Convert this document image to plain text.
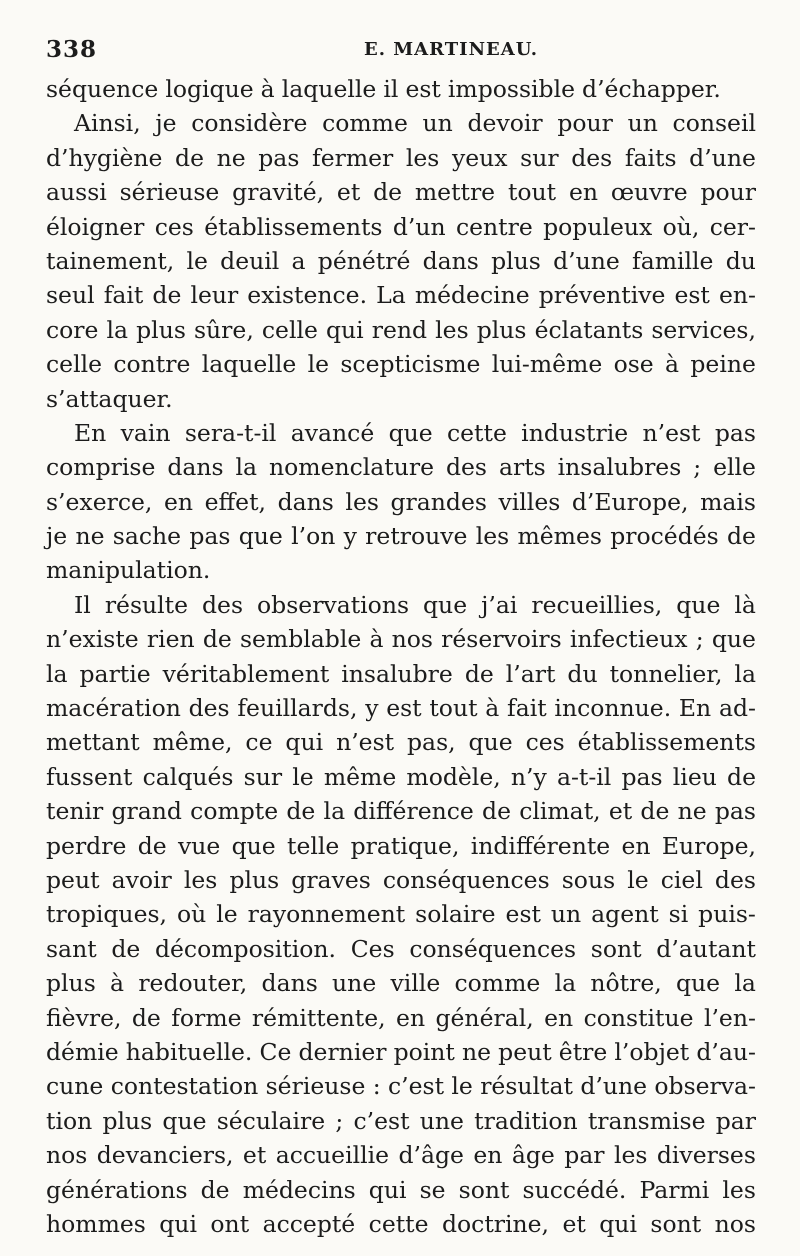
338	E. MARTINEAU.
séquence logique à laquelle il est impossible d’échapper.
Ainsi, je considère comme un devoir pour un conseil
d’hygiène de ne pas fermer les yeux sur des faits d’une
aussi sérieuse gravité, et de mettre tout en œuvre pour
éloigner ces établissements d’un centre populeux où, cer-
tainement, le deuil a pénétré dans plus d’une famille du
seul fait de leur existence. La médecine préventive est en-
core la plus sûre, celle qui rend les plus éclatants services,
celle contre laquelle le scepticisme lui-même ose à peine
s’attaquer.
En vain sera-t-il avancé que cette industrie n’est pas
comprise dans la nomenclature des arts insalubres ; elle
s’exerce, en effet, dans les grandes villes d’Europe, mais
je ne sache pas que l’on y retrouve les mêmes procédés de
manipulation.
Il résulte des observations que j’ai recueillies, que là
n’existe rien de semblable à nos réservoirs infectieux ; que
la partie véritablement insalubre de l’art du tonnelier, la
macération des feuillards, y est tout à fait inconnue. En ad-
mettant même, ce qui n’est pas, que ces établissements
fussent calqués sur le même modèle, n’y a-t-il pas lieu de
tenir grand compte de la différence de climat, et de ne pas
perdre de vue que telle pratique, indifférente en Europe,
peut avoir les plus graves conséquences sous le ciel des
tropiques, où le rayonnement solaire est un agent si puis-
sant de décomposition. Ces conséquences sont d’autant
plus à redouter, dans une ville comme la nôtre, que la
fièvre, de forme rémittente, en général, en constitue l’en-
démie habituelle. Ce dernier point ne peut être l’objet d’au-
cune contestation sérieuse : c’est le résultat d’une observa-
tion plus que séculaire ; c’est une tradition transmise par
nos devanciers, et accueillie d’âge en âge par les diverses
générations de médecins qui se sont succédé. Parmi les
hommes qui ont accepté cette doctrine, et qui sont nos
